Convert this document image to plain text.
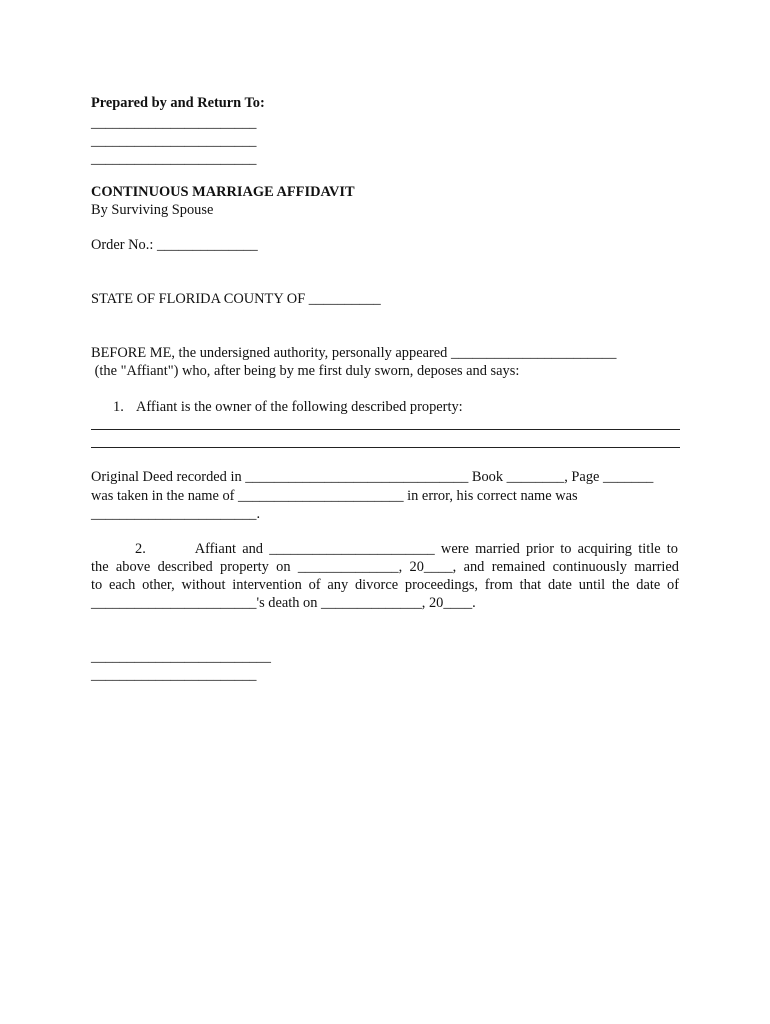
Prepared by and Return To:
_______________________
_______________________
_______________________
CONTINUOUS MARRIAGE AFFIDAVIT
By Surviving Spouse
Order No.: ______________
STATE OF FLORIDA COUNTY OF __________
BEFORE ME, the undersigned authority, personally appeared _______________________
(the "Affiant") who, after being by me first duly sworn, deposes and says:
1. Affiant is the owner of the following described property:
Original Deed recorded in _______________________________ Book ________, Page _______
was taken in the name of _______________________ in error, his correct name was
_______________________.
2.        Affiant and _______________________ were married prior to acquiring title to
the above described property on ______________, 20____, and remained continuously married
to each other, without intervention of any divorce proceedings, from that date until the date of
_______________________'s death on ______________, 20____.
_________________________
_______________________
